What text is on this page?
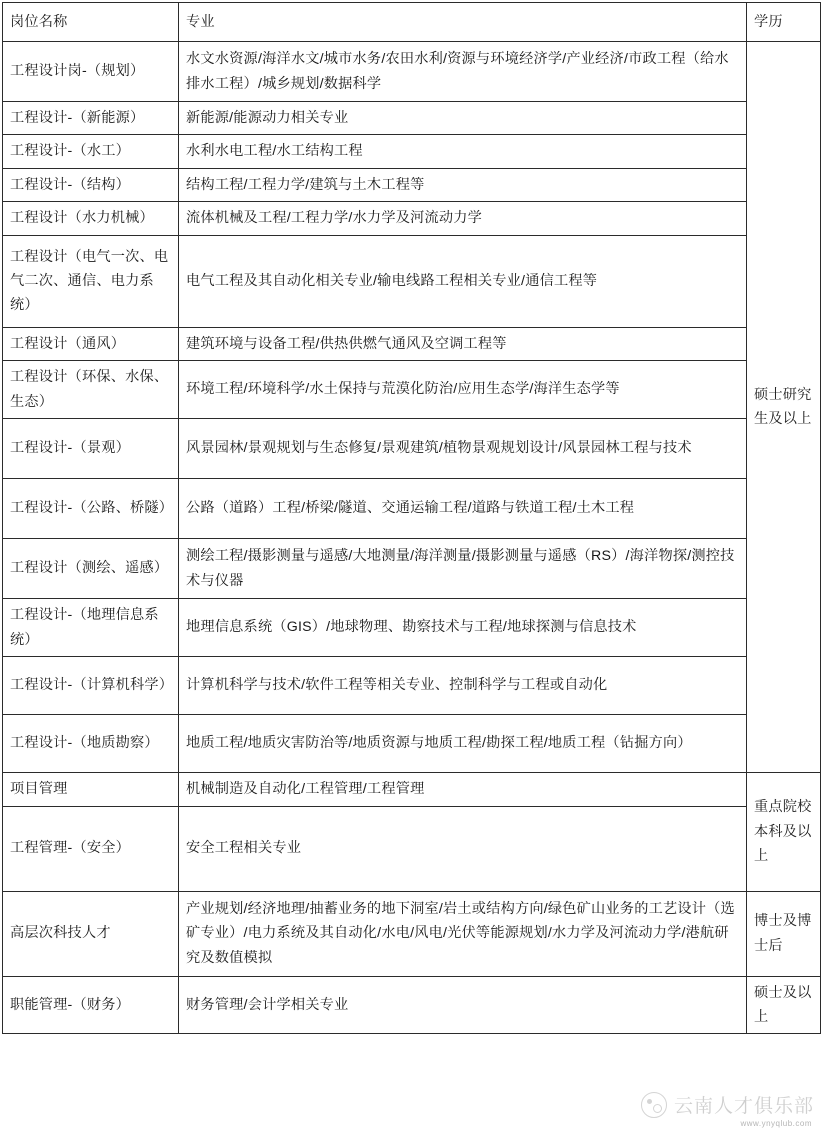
岗位名称	专业	学历
工程设计岗-（规划）	水文水资源/海洋水文/城市水务/农田水利/资源与环境经济学/产业经济/市政工程（给水排水工程）/城乡规划/数据科学	硕士研究生及以上
工程设计-（新能源）	新能源/能源动力相关专业	
工程设计-（水工）	水利水电工程/水工结构工程	
工程设计-（结构）	结构工程/工程力学/建筑与土木工程等	
工程设计（水力机械）	流体机械及工程/工程力学/水力学及河流动力学	
工程设计（电气一次、电气二次、通信、电力系统）	电气工程及其自动化相关专业/输电线路工程相关专业/通信工程等	
工程设计（通风）	建筑环境与设备工程/供热供燃气通风及空调工程等	
工程设计（环保、水保、生态）	环境工程/环境科学/水土保持与荒漠化防治/应用生态学/海洋生态学等	
工程设计-（景观）	风景园林/景观规划与生态修复/景观建筑/植物景观规划设计/风景园林工程与技术	
工程设计-（公路、桥隧）	公路（道路）工程/桥梁/隧道、交通运输工程/道路与铁道工程/土木工程	
工程设计（测绘、遥感）	测绘工程/摄影测量与遥感/大地测量/海洋测量/摄影测量与遥感（RS）/海洋物探/测控技术与仪器	
工程设计-（地理信息系统）	地理信息系统（GIS）/地球物理、勘察技术与工程/地球探测与信息技术	
工程设计-（计算机科学）	计算机科学与技术/软件工程等相关专业、控制科学与工程或自动化	
工程设计-（地质勘察）	地质工程/地质灾害防治等/地质资源与地质工程/勘探工程/地质工程（钻掘方向）	
项目管理	机械制造及自动化/工程管理/工程管理	重点院校本科及以上
工程管理-（安全）	安全工程相关专业	
高层次科技人才	产业规划/经济地理/抽蓄业务的地下洞室/岩土或结构方向/绿色矿山业务的工艺设计（选矿专业）/电力系统及其自动化/水电/风电/光伏等能源规划/水力学及河流动力学/港航研究及数值模拟	博士及博士后
职能管理-（财务）	财务管理/会计学相关专业	硕士及以上
云南人才俱乐部
www.ynyqlub.com
